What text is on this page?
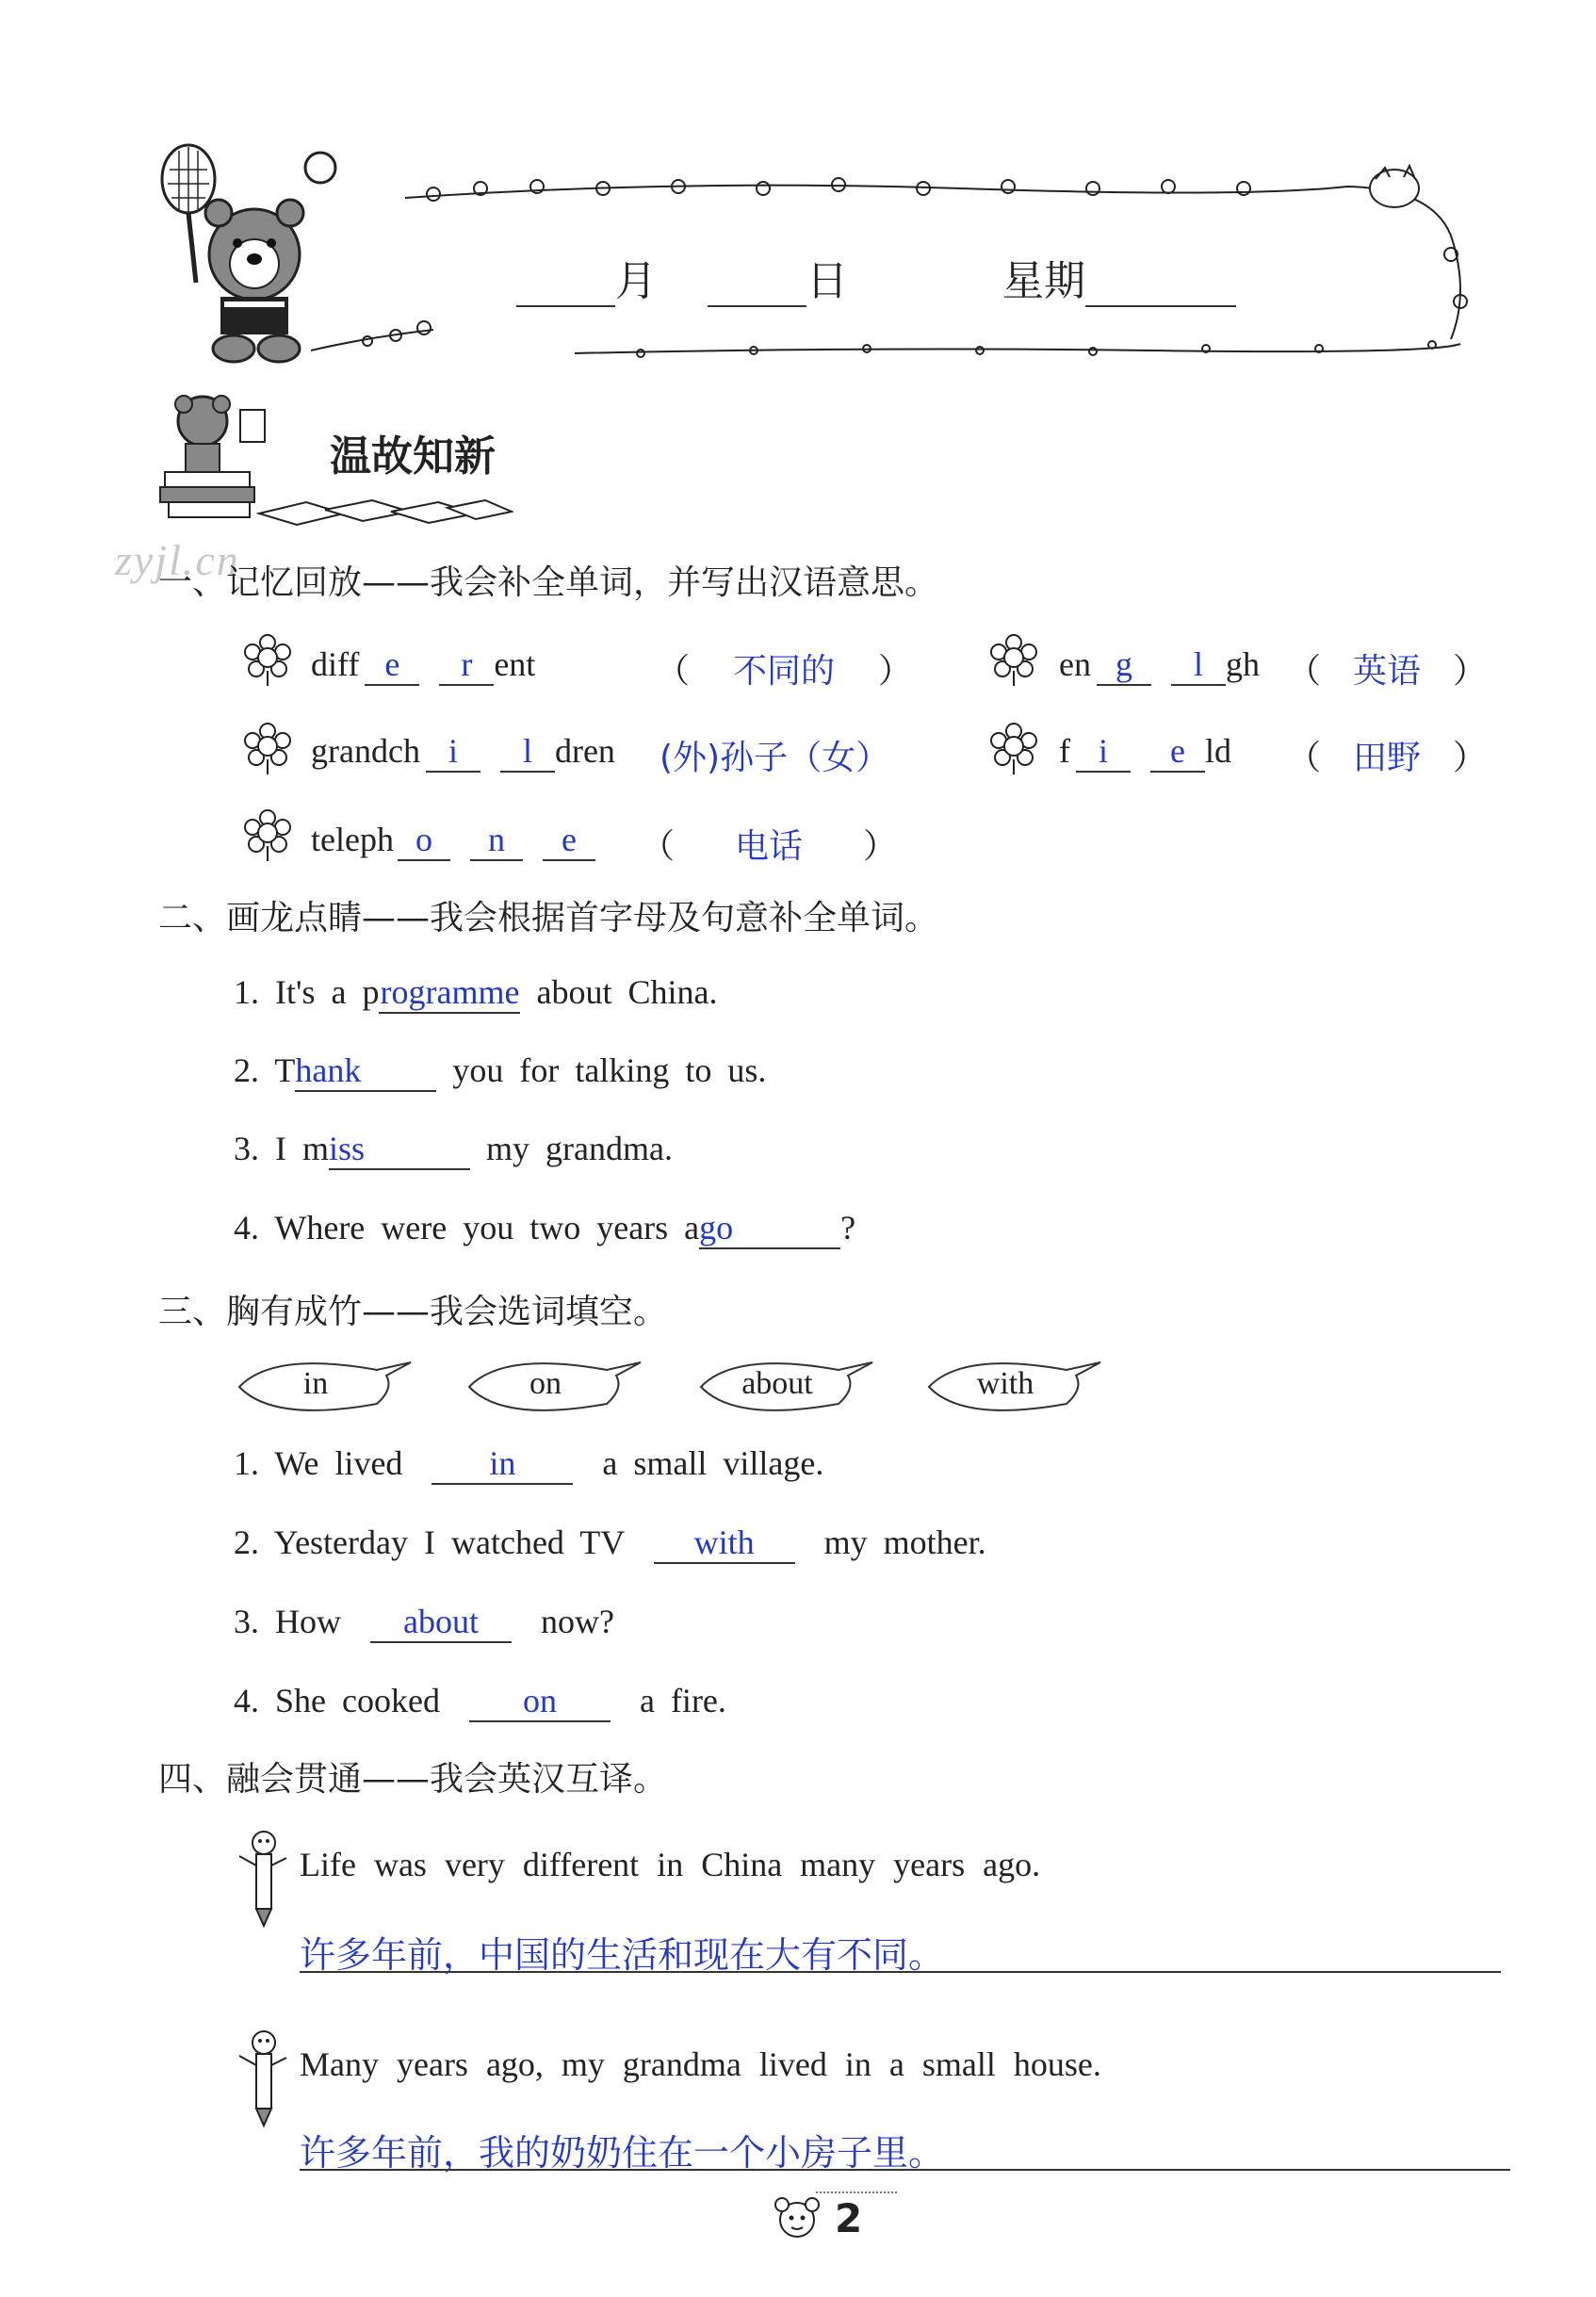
月	日	星期
温故知新
zyjl.cn
一、记忆回放——我会补全单词，并写出汉语意思。
diff e r ent	（ 不同的 ）	en g l gh （ 英语 ）
grandch i l dren (外)孙子（女）	f i e ld （ 田野 ）
teleph o n e	（ 电话 ）
二、画龙点睛——我会根据首字母及句意补全单词。
1. It's a programme about China.
2. Thank	you for talking to us.
3. I miss	my grandma.
4. Where were you two years ago	?
三、胸有成竹——我会选词填空。
in	on	about	with
1. We lived	in	a small village.
2. Yesterday I watched TV with my mother.
3. How about now?
4. She cooked on a fire.
四、融会贯通——我会英汉互译。
Life was very different in China many years ago.
许多年前，中国的生活和现在大有不同。
Many years ago, my grandma lived in a small house.
许多年前，我的奶奶住在一个小房子里。
2
